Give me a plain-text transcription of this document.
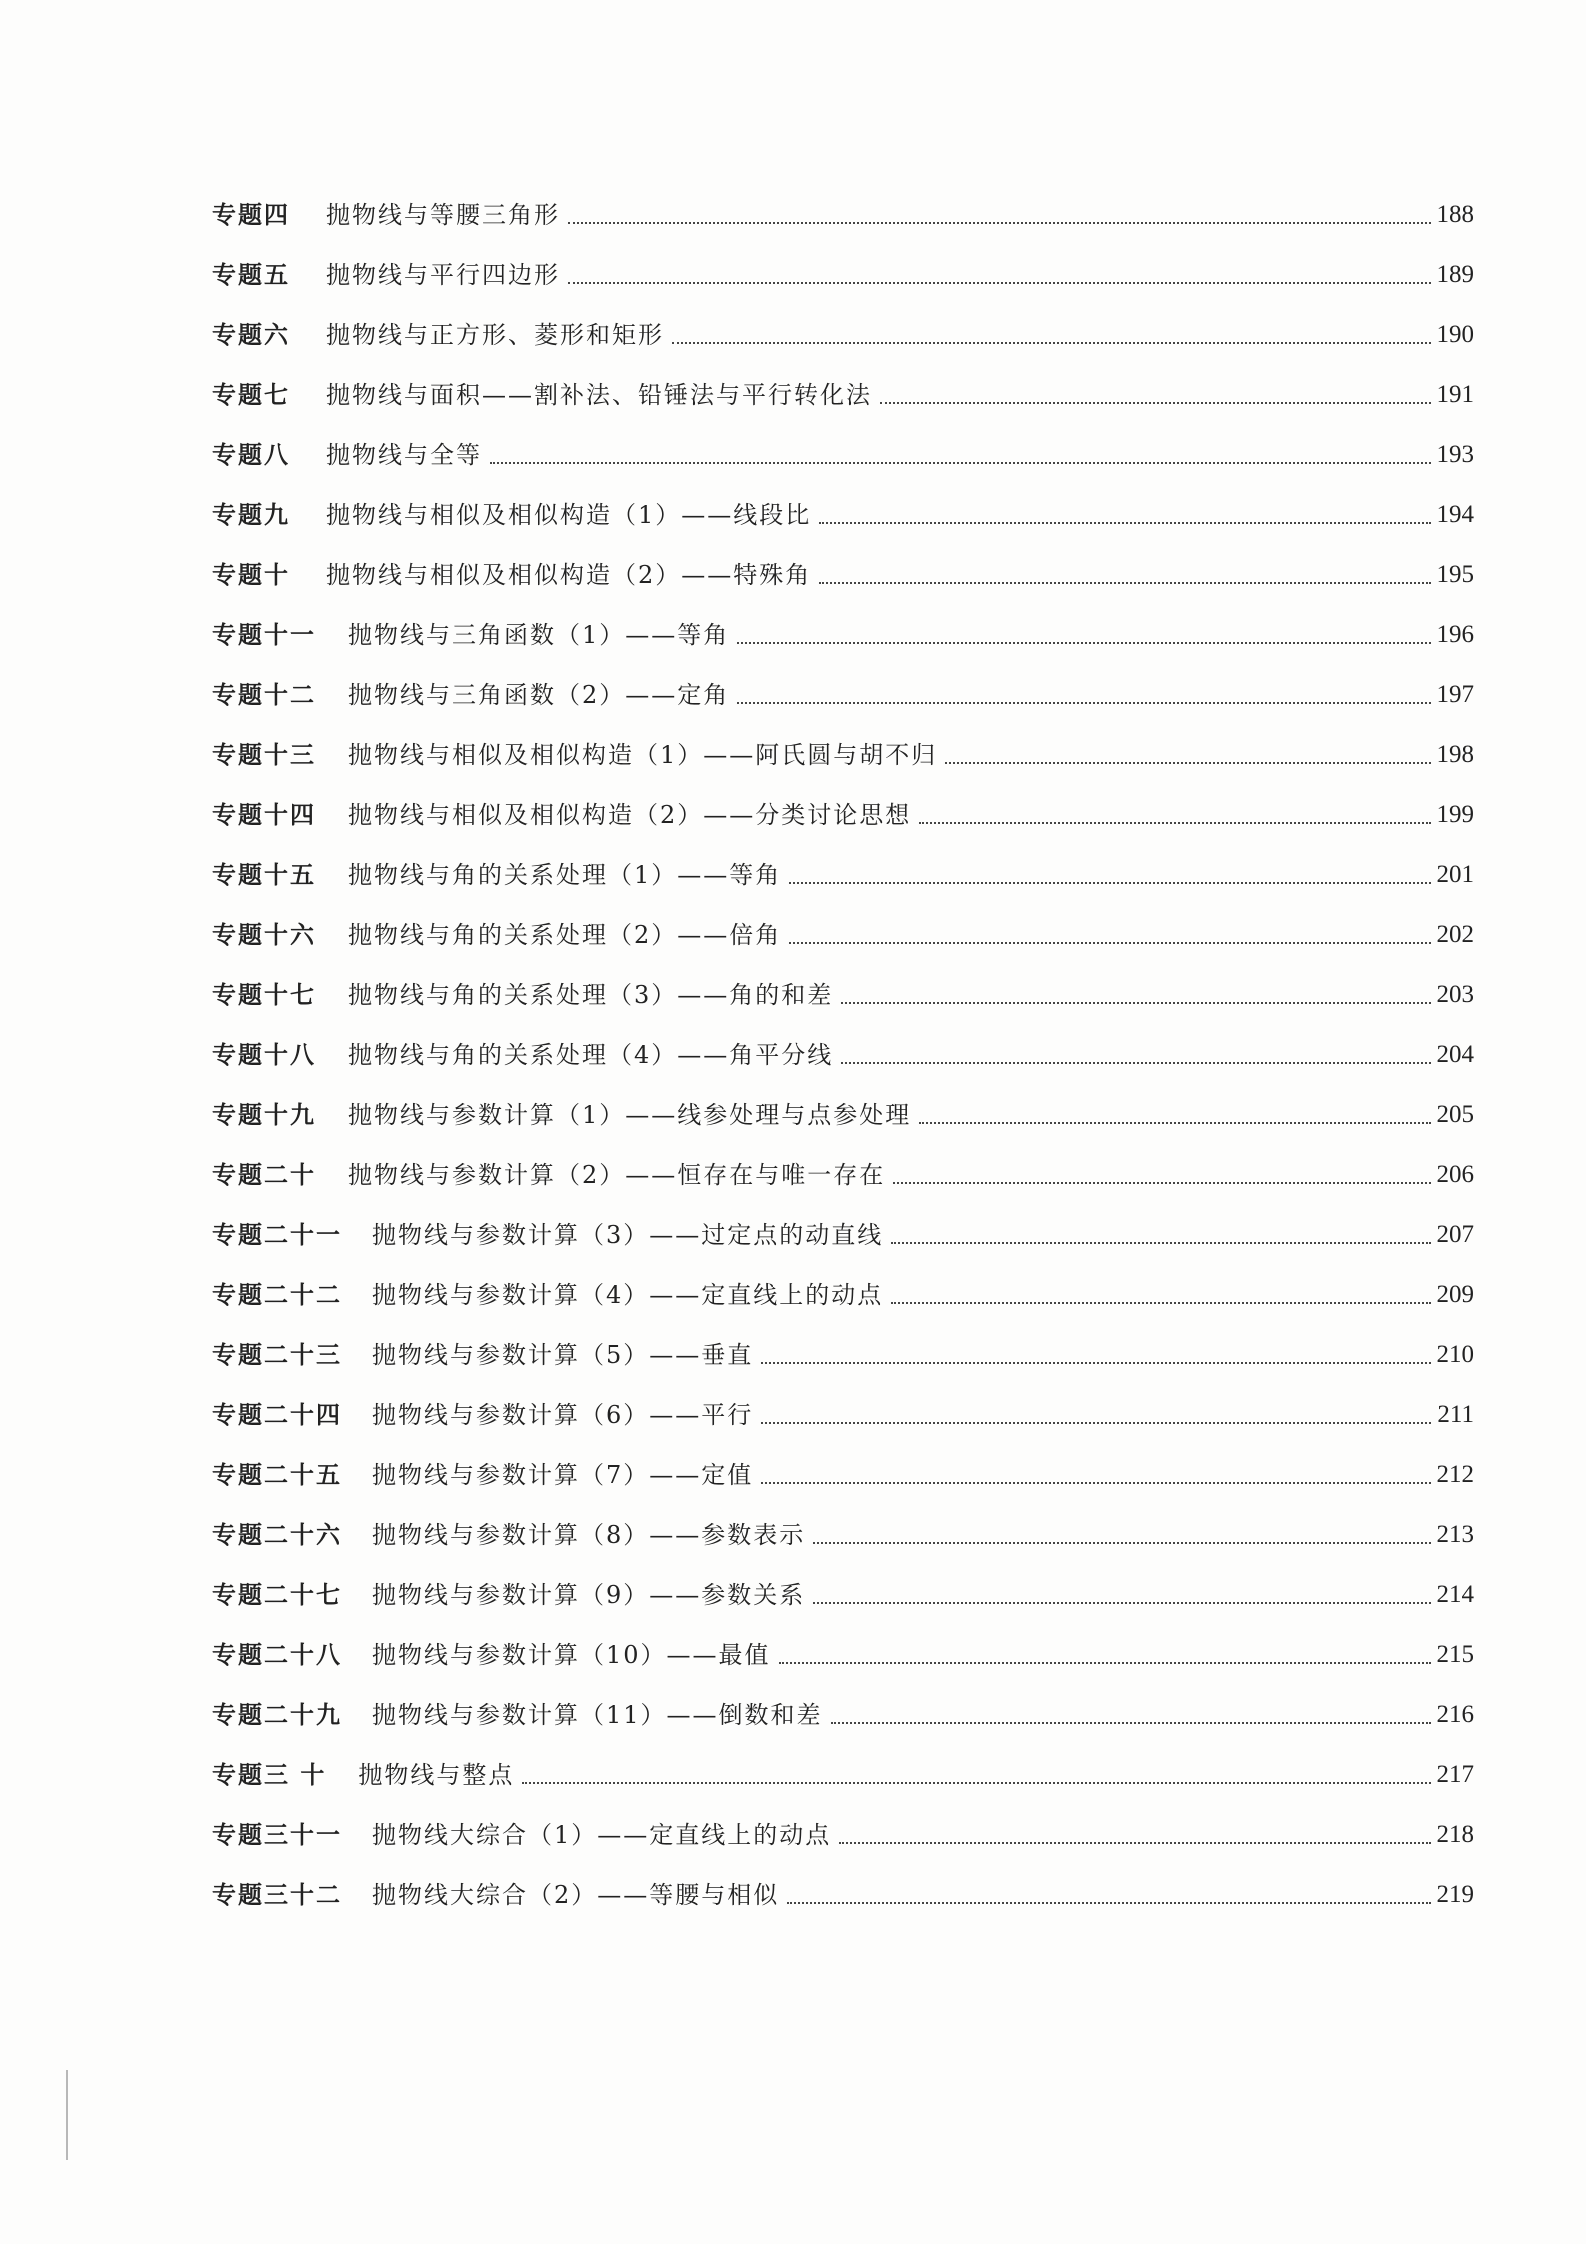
专题四 抛物线与等腰三角形	188
专题五 抛物线与平行四边形	189
专题六 抛物线与正方形、菱形和矩形	190
专题七 抛物线与面积——割补法、铅锤法与平行转化法	191
专题八 抛物线与全等	193
专题九 抛物线与相似及相似构造（1）——线段比	194
专题十 抛物线与相似及相似构造（2）——特殊角	195
专题十一 抛物线与三角函数（1）——等角	196
专题十二 抛物线与三角函数（2）——定角	197
专题十三 抛物线与相似及相似构造（1）——阿氏圆与胡不归	198
专题十四 抛物线与相似及相似构造（2）——分类讨论思想	199
专题十五 抛物线与角的关系处理（1）——等角	201
专题十六 抛物线与角的关系处理（2）——倍角	202
专题十七 抛物线与角的关系处理（3）——角的和差	203
专题十八 抛物线与角的关系处理（4）——角平分线	204
专题十九 抛物线与参数计算（1）——线参处理与点参处理	205
专题二十 抛物线与参数计算（2）——恒存在与唯一存在	206
专题二十一 抛物线与参数计算（3）——过定点的动直线	207
专题二十二 抛物线与参数计算（4）——定直线上的动点	209
专题二十三 抛物线与参数计算（5）——垂直	210
专题二十四 抛物线与参数计算（6）——平行	211
专题二十五 抛物线与参数计算（7）——定值	212
专题二十六 抛物线与参数计算（8）——参数表示	213
专题二十七 抛物线与参数计算（9）——参数关系	214
专题二十八 抛物线与参数计算（10）——最值	215
专题二十九 抛物线与参数计算（11）——倒数和差	216
专题三 十 抛物线与整点	217
专题三十一 抛物线大综合（1）——定直线上的动点	218
专题三十二 抛物线大综合（2）——等腰与相似	219
